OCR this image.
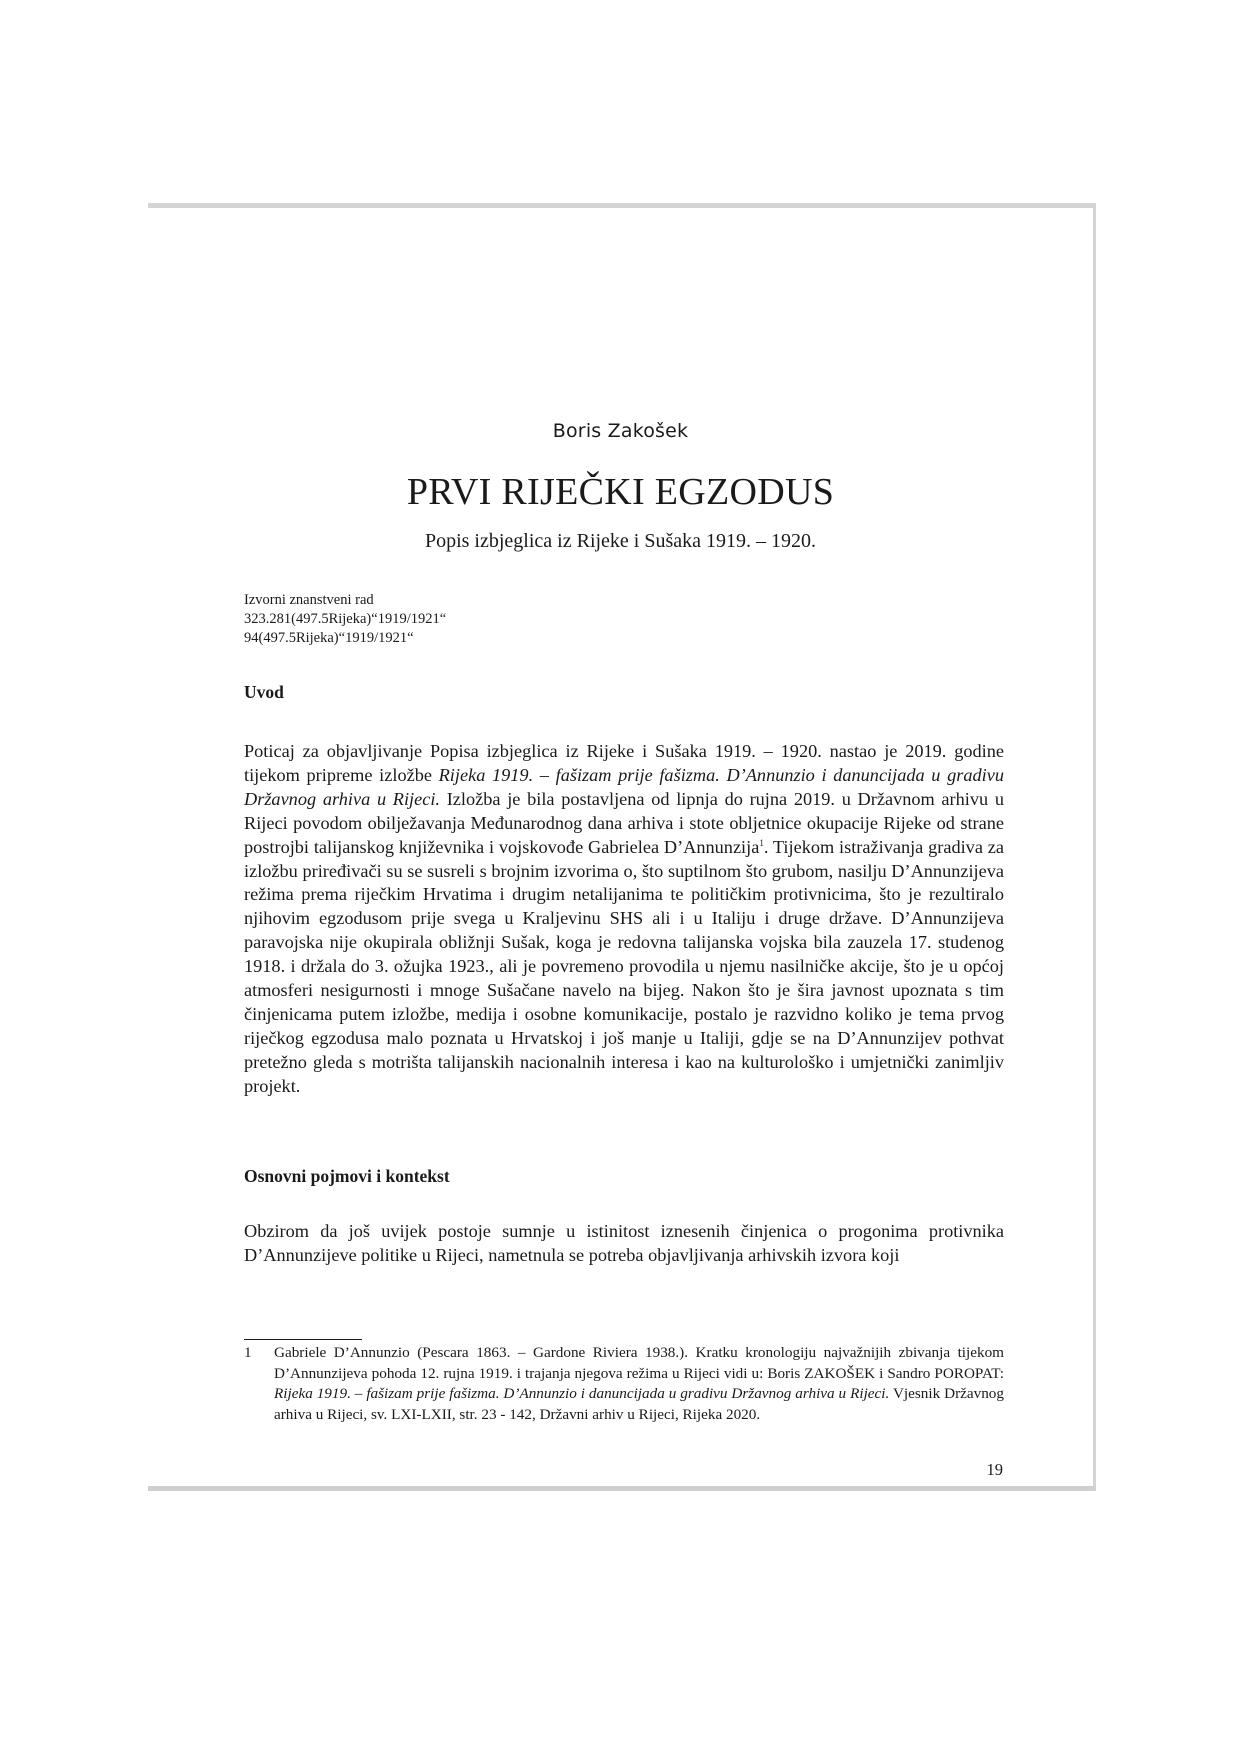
Boris Zakošek
PRVI RIJEČKI EGZODUS
Popis izbjeglica iz Rijeke i Sušaka 1919. – 1920.
Izvorni znanstveni rad
323.281(497.5Rijeka)“1919/1921“
94(497.5Rijeka)“1919/1921“
Uvod

Poticaj za objavljivanje Popisa izbjeglica iz Rijeke i Sušaka 1919. – 1920. nastao je 2019. godine tijekom pripreme izložbe Rijeka 1919. – fašizam prije fašizma. D’Annunzio i danuncijada u gradivu Državnog arhiva u Rijeci. Izložba je bila postavljena od lipnja do rujna 2019. u Državnom arhivu u Rijeci povodom obilježavanja Međunarodnog dana arhiva i stote obljetnice okupacije Rijeke od strane postrojbi talijanskog književnika i vojskovođe Gabrielea D’Annunzija$^1$. Tijekom istraživanja gradiva za izložbu priređivači su se susreli s brojnim izvorima o, što suptilnom što grubom, nasilju D’Annunzijeva režima prema riječkim Hrvatima i drugim netalijanima te političkim protivnicima, što je rezultiralo njihovim egzodusom prije svega u Kraljevinu SHS ali i u Italiju i druge države. D’Annunzijeva paravojska nije okupirala obližnji Sušak, koga je redovna talijanska vojska bila zauzela 17. studenog 1918. i držala do 3. ožujka 1923., ali je povremeno provodila u njemu nasilničke akcije, što je u općoj atmosferi nesigurnosti i mnoge Sušačane navelo na bijeg. Nakon što je šira javnost upoznata s tim činjenicama putem izložbe, medija i osobne komunikacije, postalo je razvidno koliko je tema prvog riječkog egzodusa malo poznata u Hrvatskoj i još manje u Italiji, gdje se na D’Annunzijev pothvat pretežno gleda s motrišta talijanskih nacionalnih interesa i kao na kulturološko i umjetnički zanimljiv projekt.

Osnovni pojmovi i kontekst

Obzirom da još uvijek postoje sumnje u istinitost iznesenih činjenica o progonima protivnika D’Annunzijeve politike u Rijeci, nametnula se potreba objavljivanja arhivskih izvora koji

1 Gabriele D’Annunzio (Pescara 1863. – Gardone Riviera 1938.). Kratku kronologiju najvažnijih zbivanja tijekom D’Annunzijeva pohoda 12. rujna 1919. i trajanja njegova režima u Rijeci vidi u: Boris ZAKOŠEK i Sandro POROPAT: Rijeka 1919. – fašizam prije fašizma. D’Annunzio i danuncijada u gradivu Državnog arhiva u Rijeci. Vjesnik Državnog arhiva u Rijeci, sv. LXI-LXII, str. 23 - 142, Državni arhiv u Rijeci, Rijeka 2020.
19
